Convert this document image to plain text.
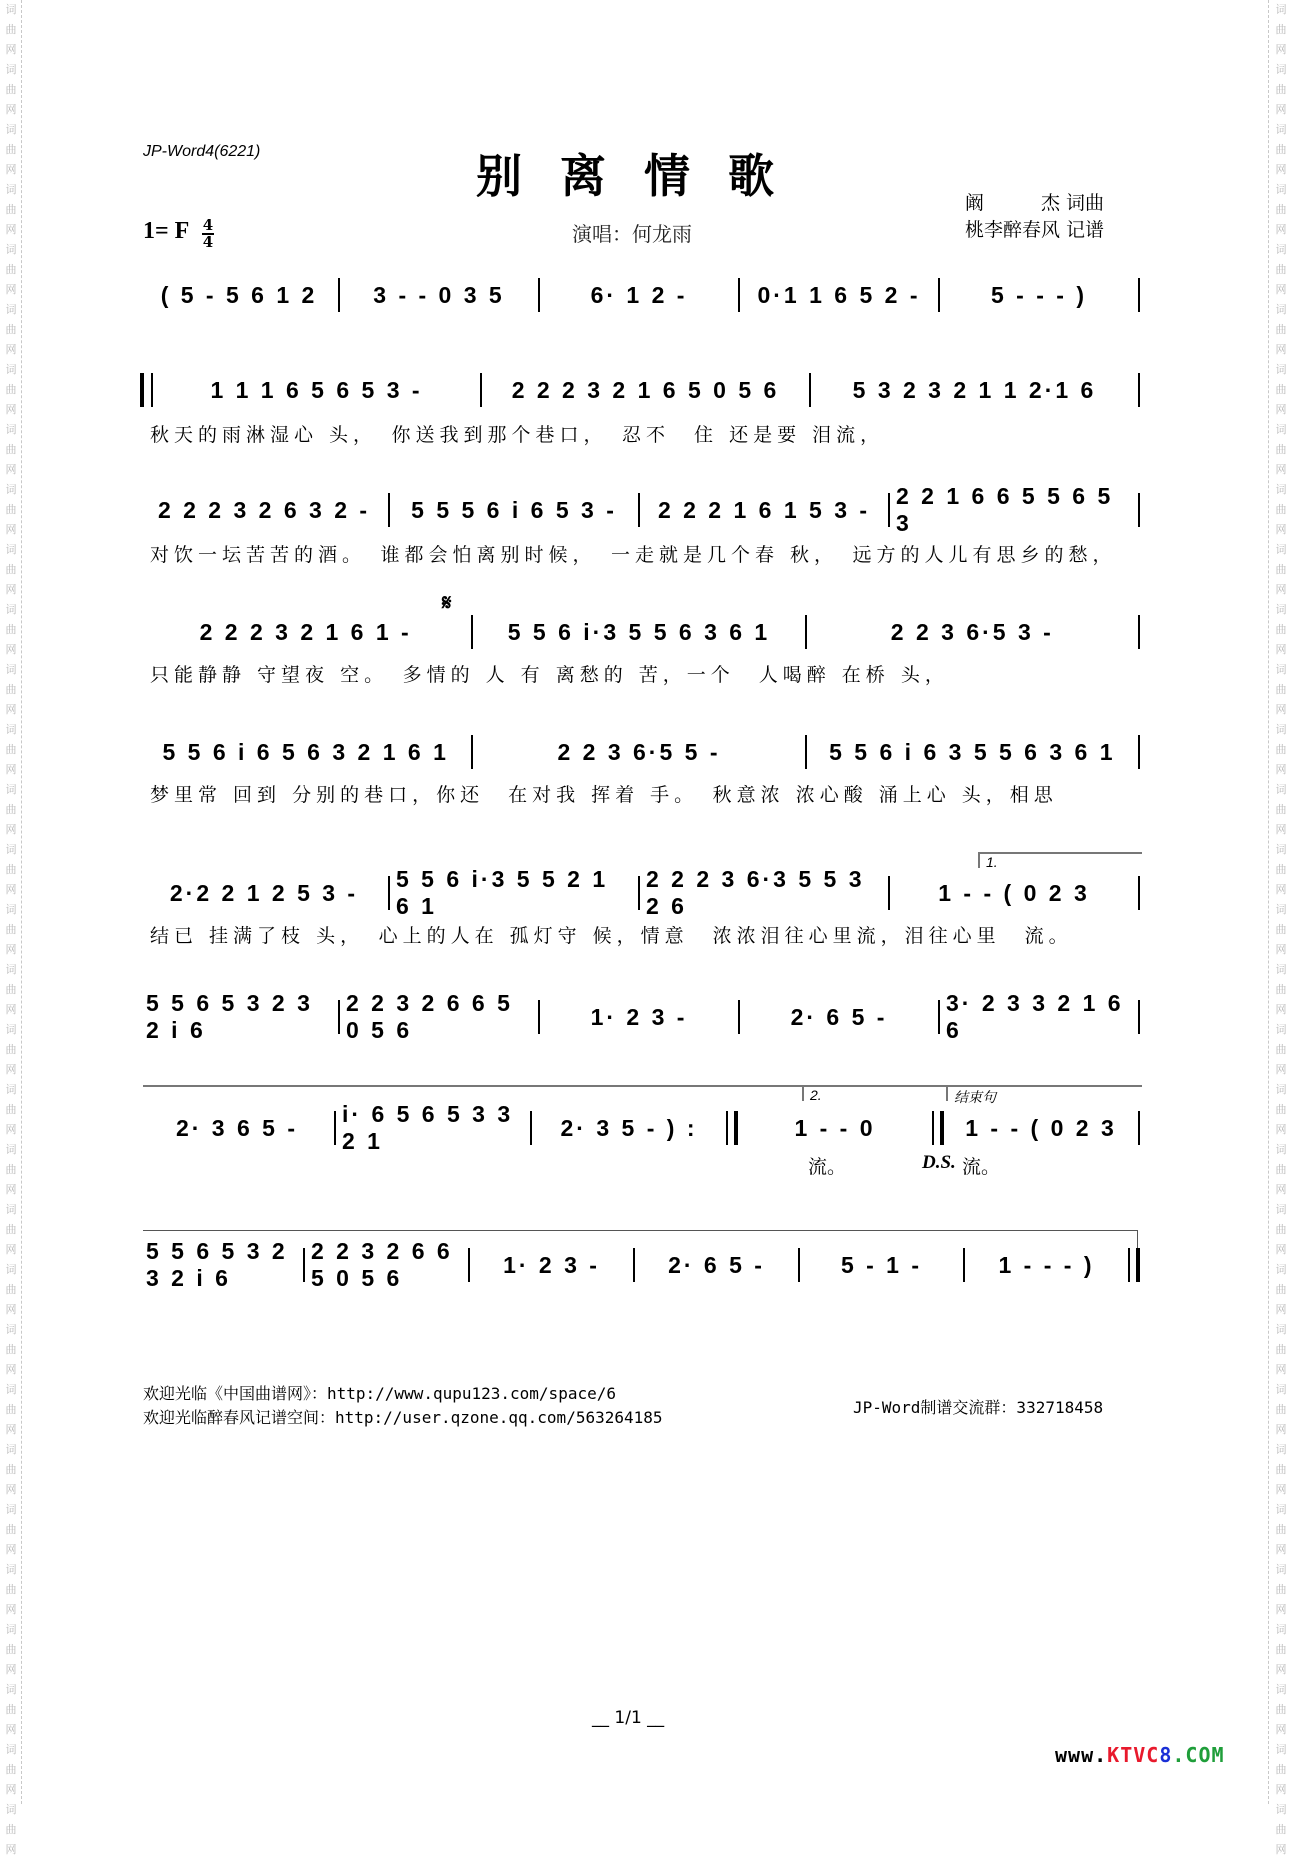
词
曲
网
词
曲
网
词
曲
网
词
曲
网
词
曲
网
词
曲
网
词
曲
网
词
曲
网
词
曲
网
词
曲
网
词
曲
网
词
曲
网
词
曲
网
词
曲
网
词
曲
网
词
曲
网
词
曲
网
词
曲
网
词
曲
网
词
曲
网
词
曲
网
词
曲
网
词
曲
网
词
曲
网
词
曲
网
词
曲
网
词
曲
网
词
曲
网
词
曲
网
词
曲
网
词
曲
网
词
曲
网
词
曲
网
词
曲
网
词
曲
网
词
曲
网
词
曲
网
词
曲
网
词
曲
网
词
曲
网
词
曲
网
词
曲
网
词
曲
网
词
曲
网
词
曲
网
词
曲
网
词
曲
网
词
曲
网
词
曲
网
词
曲
网
词
曲
网
词
曲
网
词
曲
网
词
曲
网
词
曲
网
词
曲
网
词
曲
网
词
曲
网
词
曲
网
词
曲
网
词
曲
网
词
曲
网
JP-Word4(6221)	别离情歌
1= F $\frac{4}{4}$	演唱：何龙雨
阚　　　杰 词曲
桃李醉春风 记谱
𝄋
1.
2.	结束句
( 5 - 5 6 1 2 3 - - 0 3 5	6· 1 2 -	0·1 1 6 5 2 -	5 - - - )
1 1 1 6 5 6 5 3 -	2 2 2 3 2 1 6 5 0 5 6	5 3 2 3 2 1 1 2·1 6
秋天的雨淋湿心 头，　你送我到那个巷口，　忍不　住 还是要 泪流，
2 2 2 3 2 6 3 2 - 5 5 5 6 i 6 5 3 - 2 2 2 1 6 1 5 3 -
2 2 1 6 6 5 5 6 5 3
对饮一坛苦苦的酒。　谁都会怕离别时候，　一走就是几个春 秋，　远方的人儿有思乡的愁，
2 2 2 3 2 1 6 1 -	5 5 6 i·3 5 5 6 3 6 1	2 2 3 6·5 3 -
只能静静 守望夜 空。　多情的 人 有 离愁的 苦，一个　人喝醉 在桥 头，
5 5 6 i 6 5 6 3 2 1 6 1	2 2 3 6·5 5 -	5 5 6 i 6 3 5 5 6 3 6 1
梦里常 回到 分别的巷口，你还　在对我 挥着 手。　秋意浓 浓心酸 涌上心 头，相思
2·2 2 1 2 5 3 -
5 5 6 i·3 5 5 2 1 6 1
2 2 2 3 6·3 5 5 3 2 6
1 - - ( 0 2 3
结已 挂满了枝 头，　心上的人在 孤灯守 候，情意　浓浓泪往心里流，泪往心里　流。
5 5 6 5 3 2 3 2 i 6
2 2 3 2 6 6 5 0 5 6
1· 2 3 -	2· 6 5 -
3· 2 3 3 2 1 6 6
2· 3 6 5 -
i· 6 5 6 5 3 3 2 1
2· 3 5 - ) :	1 - - 0	1 - - ( 0 2 3
流。	D.S. 流。
5 5 6 5 3 2 3 2 i 6
2 2 3 2 6 6 5 0 5 6
1· 2 3 -	2· 6 5 -	5 - 1 -	1 - - - )
欢迎光临《中国曲谱网》：http://www.qupu123.com/space/6
欢迎光临醉春风记谱空间：http://user.qzone.qq.com/563264185
JP-Word制谱交流群：332718458
__ 1/1 __
www.KTVC8.COM
